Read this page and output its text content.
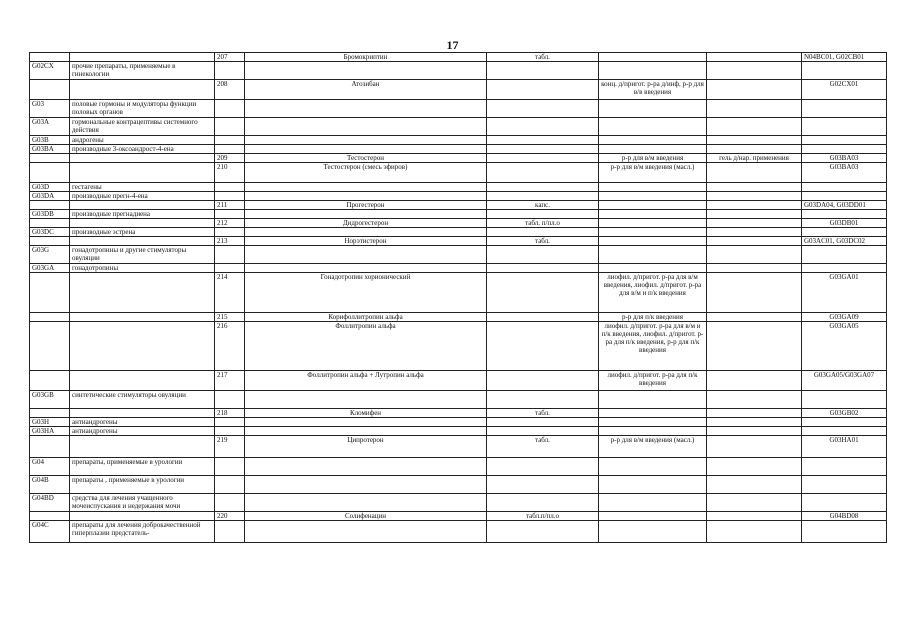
17
		207	Бромокриптин	табл.			N04BC01, G02CB01
G02CX	прочие препараты, применяемые в гинекологии						
		208	Атозибан		конц. д/пригот. р-ра д/инф, р-р для в/в введения		G02CX01
G03	половые гормоны и модуляторы функции половых органов						
G03A	гормональные контрацептивы системного действия						
G03B	андрогены						
G03BA	производные 3-оксоандрост-4-ена						
		209	Тестостерон		р-р для в/м введения	гель д/нар. применения	G03BA03
		210	Тестостерон (смесь эфиров)		р-р для в/м введения (масл.)		G03BA03
G03D	гестагены						
G03DA	производные прегн-4-ена						
		211	Прогестерон	капс.			G03DA04, G03DD01
G03DB	производные прегнадиена						
		212	Дидрогестерон	табл. п/пл.о			G03DB01
G03DC	производные эстрена						
		213	Норэтистерон	табл.			G03AC01, G03DC02
G03G	гонадотропины и другие стимуляторы овуляции						
G03GA	гонадотропины						
		214	Гонадотропин хорионический		лиофил. д/пригот. р-ра для в/м введения, лиофил. д/пригот. р-ра для в/м и п/к введения		G03GA01
		215	Корифоллитропин альфа		р-р для п/к введения		G03GA09
		216	Фоллитропин альфа		лиофил. д/пригот. р-ра для в/м и п/к введения, лиофил. д/пригот. р-ра для п/к введения, р-р для п/к введения		G03GA05
		217	Фоллитропин альфа + Лутропин альфа		лиофил. д/пригот. р-ра для п/к введения		G03GA05/G03GA07
G03GB	синтетические стимуляторы овуляции						
		218	Кломифен	табл.			G03GB02
G03H	антиандрогены						
G03HA	антиандрогены						
		219	Ципротерон	табл.	р-р для в/м введения (масл.)		G03HA01
G04	препараты, применяемые в урологии						
G04B	препараты , применяемые в урологии						
G04BD	средства для лечения учащенного мочеиспускания и недержания мочи						
		220	Солифенацин	табл.п/пл.о			G04BD08
G04C	препараты для лечения доброкачественной гиперплазии предстатель-						
